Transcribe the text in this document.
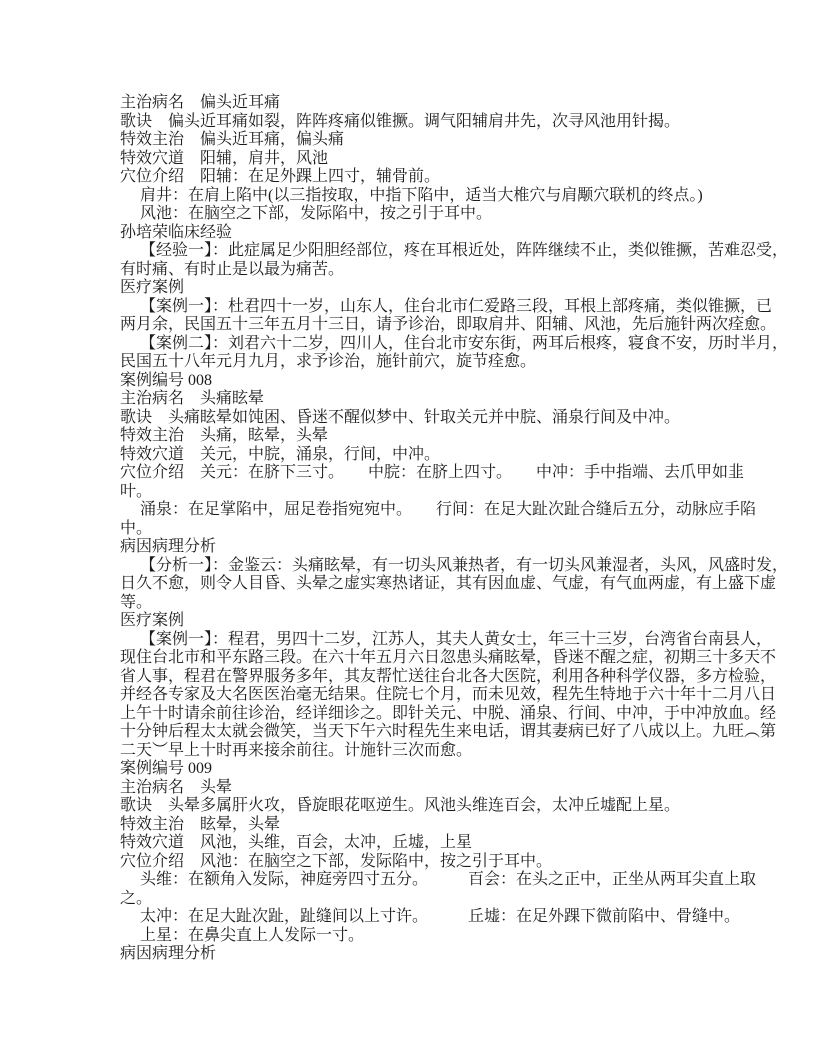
主治病名　偏头近耳痛
歌诀　偏头近耳痛如裂，阵阵疼痛似锥撅。调气阳辅肩井先，次寻风池用针揭。
特效主治　偏头近耳痛，偏头痛
特效穴道　阳辅，肩井，风池
穴位介绍　阳辅：在足外踝上四寸，辅骨前。
　 肩井：在肩上陷中(以三指按取，中指下陷中，适当大椎穴与肩颙穴联机的终点。)
　 风池：在脑空之下部，发际陷中，按之引于耳中。
孙培荣临床经验
　 【经验一】：此症属足少阳胆经部位，疼在耳根近处，阵阵继续不止，类似锥撅，苦难忍受，
有时痛、有时止是以最为痛苦。
医疗案例
　 【案例一】：杜君四十一岁，山东人，住台北市仁爱路三段，耳根上部疼痛，类似锥撅，已
两月余，民国五十三年五月十三日，请予诊治，即取肩井、阳辅、风池，先后施针两次痊愈。
　 【案例二】：刘君六十二岁，四川人，住台北市安东街，两耳后根疼，寝食不安，历时半月，
民国五十八年元月九月，求予诊治，施针前穴，旋节痊愈。
案例编号 008
主治病名　头痛眩晕
歌诀　头痛眩晕如饨困、昏迷不醒似梦中、针取关元并中脘、涌泉行间及中冲。
特效主治　头痛，眩晕，头晕
特效穴道　关元，中脘，涌泉，行间，中冲。
穴位介绍　关元：在脐下三寸。　　中脘：在脐上四寸。　　中冲：手中指端、去爪甲如韭
叶。
　 涌泉：在足掌陷中，屈足卷指宛宛中。　　行间：在足大趾次趾合缝后五分，动脉应手陷
中。
病因病理分析
　 【分析一】：金鉴云：头痛眩晕，有一切头风兼热者，有一切头风兼湿者，头风，风盛时发，
日久不愈，则令人目昏、头晕之虚实寒热诸证，其有因血虚、气虚，有气血两虚，有上盛下虚
等。
医疗案例
　 【案例一】：程君，男四十二岁，江苏人，其夫人黄女士，年三十三岁，台湾省台南县人，
现住台北市和平东路三段。在六十年五月六日忽患头痛眩晕，昏迷不醒之症，初期三十多天不
省人事，程君在警界服务多年，其友帮忙送往台北各大医院，利用各种科学仪器，多方检验，
并经各专家及大名医医治毫无结果。住院七个月，而未见效，程先生特地于六十年十二月八日
上午十时请余前往诊治，经详细诊之。即针关元、中脱、涌泉、行间、中冲，于中冲放血。经
十分钟后程太太就会微笑，当天下午六时程先生来电话，谓其妻病已好了八成以上。九旺︵第
二天︶早上十时再来接余前往。计施针三次而愈。
案例编号 009
主治病名　头晕
歌诀　头晕多属肝火攻，昏旋眼花呕逆生。风池头维连百会，太冲丘墟配上星。
特效主治　眩晕，头晕
特效穴道　风池，头维，百会，太冲，丘墟，上星
穴位介绍　风池：在脑空之下部，发际陷中，按之引于耳中。
　 头维：在额角入发际，神庭旁四寸五分。　　　百会：在头之正中，正坐从两耳尖直上取
之。
　 太冲：在足大趾次趾，趾缝间以上寸许。　　　丘墟：在足外踝下微前陷中、骨缝中。
　 上星：在鼻尖直上人发际一寸。
病因病理分析
